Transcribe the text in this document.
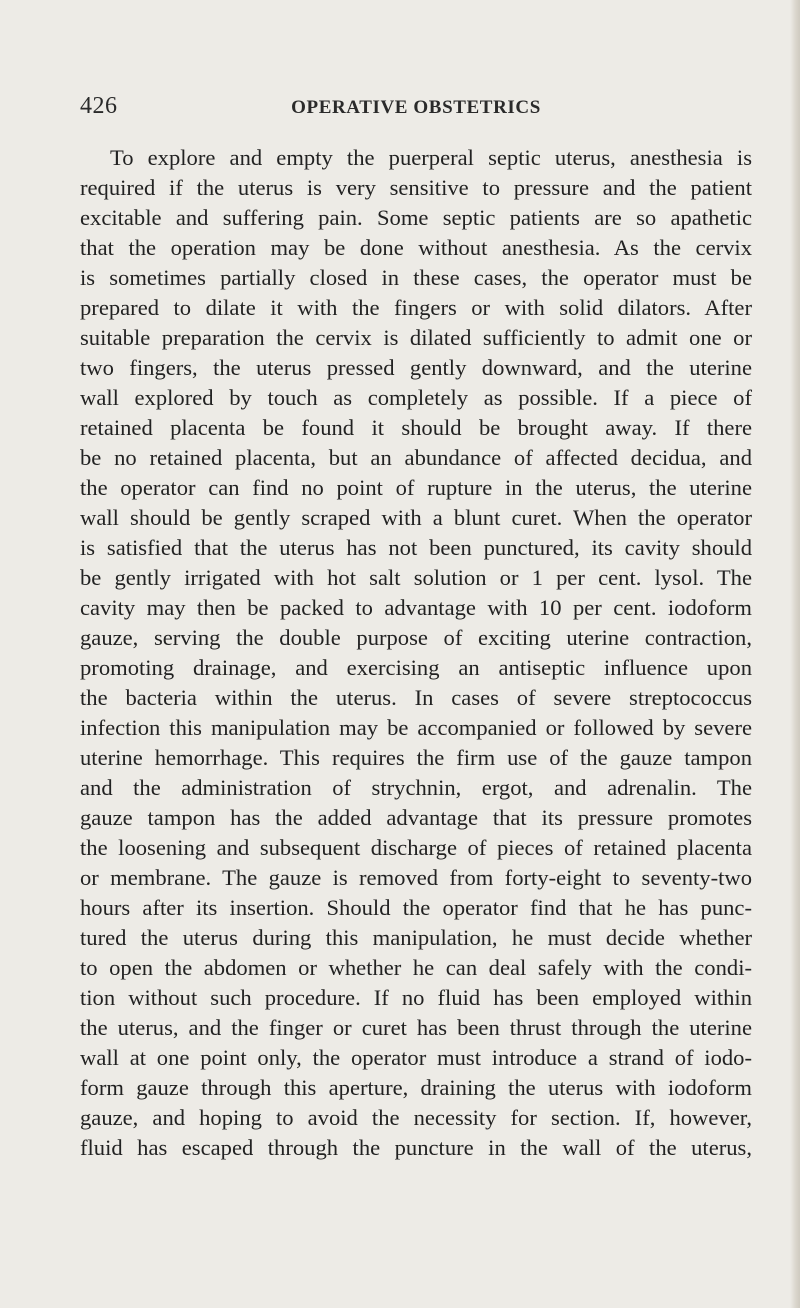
426	OPERATIVE OBSTETRICS
To explore and empty the puerperal septic uterus, anesthesia is
required if the uterus is very sensitive to pressure and the patient
excitable and suffering pain. Some septic patients are so apathetic
that the operation may be done without anesthesia. As the cervix
is sometimes partially closed in these cases, the operator must be
prepared to dilate it with the fingers or with solid dilators. After
suitable preparation the cervix is dilated sufficiently to admit one or
two fingers, the uterus pressed gently downward, and the uterine
wall explored by touch as completely as possible. If a piece of
retained placenta be found it should be brought away. If there
be no retained placenta, but an abundance of affected decidua, and
the operator can find no point of rupture in the uterus, the uterine
wall should be gently scraped with a blunt curet. When the operator
is satisfied that the uterus has not been punctured, its cavity should
be gently irrigated with hot salt solution or 1 per cent. lysol. The
cavity may then be packed to advantage with 10 per cent. iodoform
gauze, serving the double purpose of exciting uterine contraction,
promoting drainage, and exercising an antiseptic influence upon
the bacteria within the uterus. In cases of severe streptococcus
infection this manipulation may be accompanied or followed by severe
uterine hemorrhage. This requires the firm use of the gauze tampon
and the administration of strychnin, ergot, and adrenalin. The
gauze tampon has the added advantage that its pressure promotes
the loosening and subsequent discharge of pieces of retained placenta
or membrane. The gauze is removed from forty-eight to seventy-two
hours after its insertion. Should the operator find that he has punc-
tured the uterus during this manipulation, he must decide whether
to open the abdomen or whether he can deal safely with the condi-
tion without such procedure. If no fluid has been employed within
the uterus, and the finger or curet has been thrust through the uterine
wall at one point only, the operator must introduce a strand of iodo-
form gauze through this aperture, draining the uterus with iodoform
gauze, and hoping to avoid the necessity for section. If, however,
fluid has escaped through the puncture in the wall of the uterus,
